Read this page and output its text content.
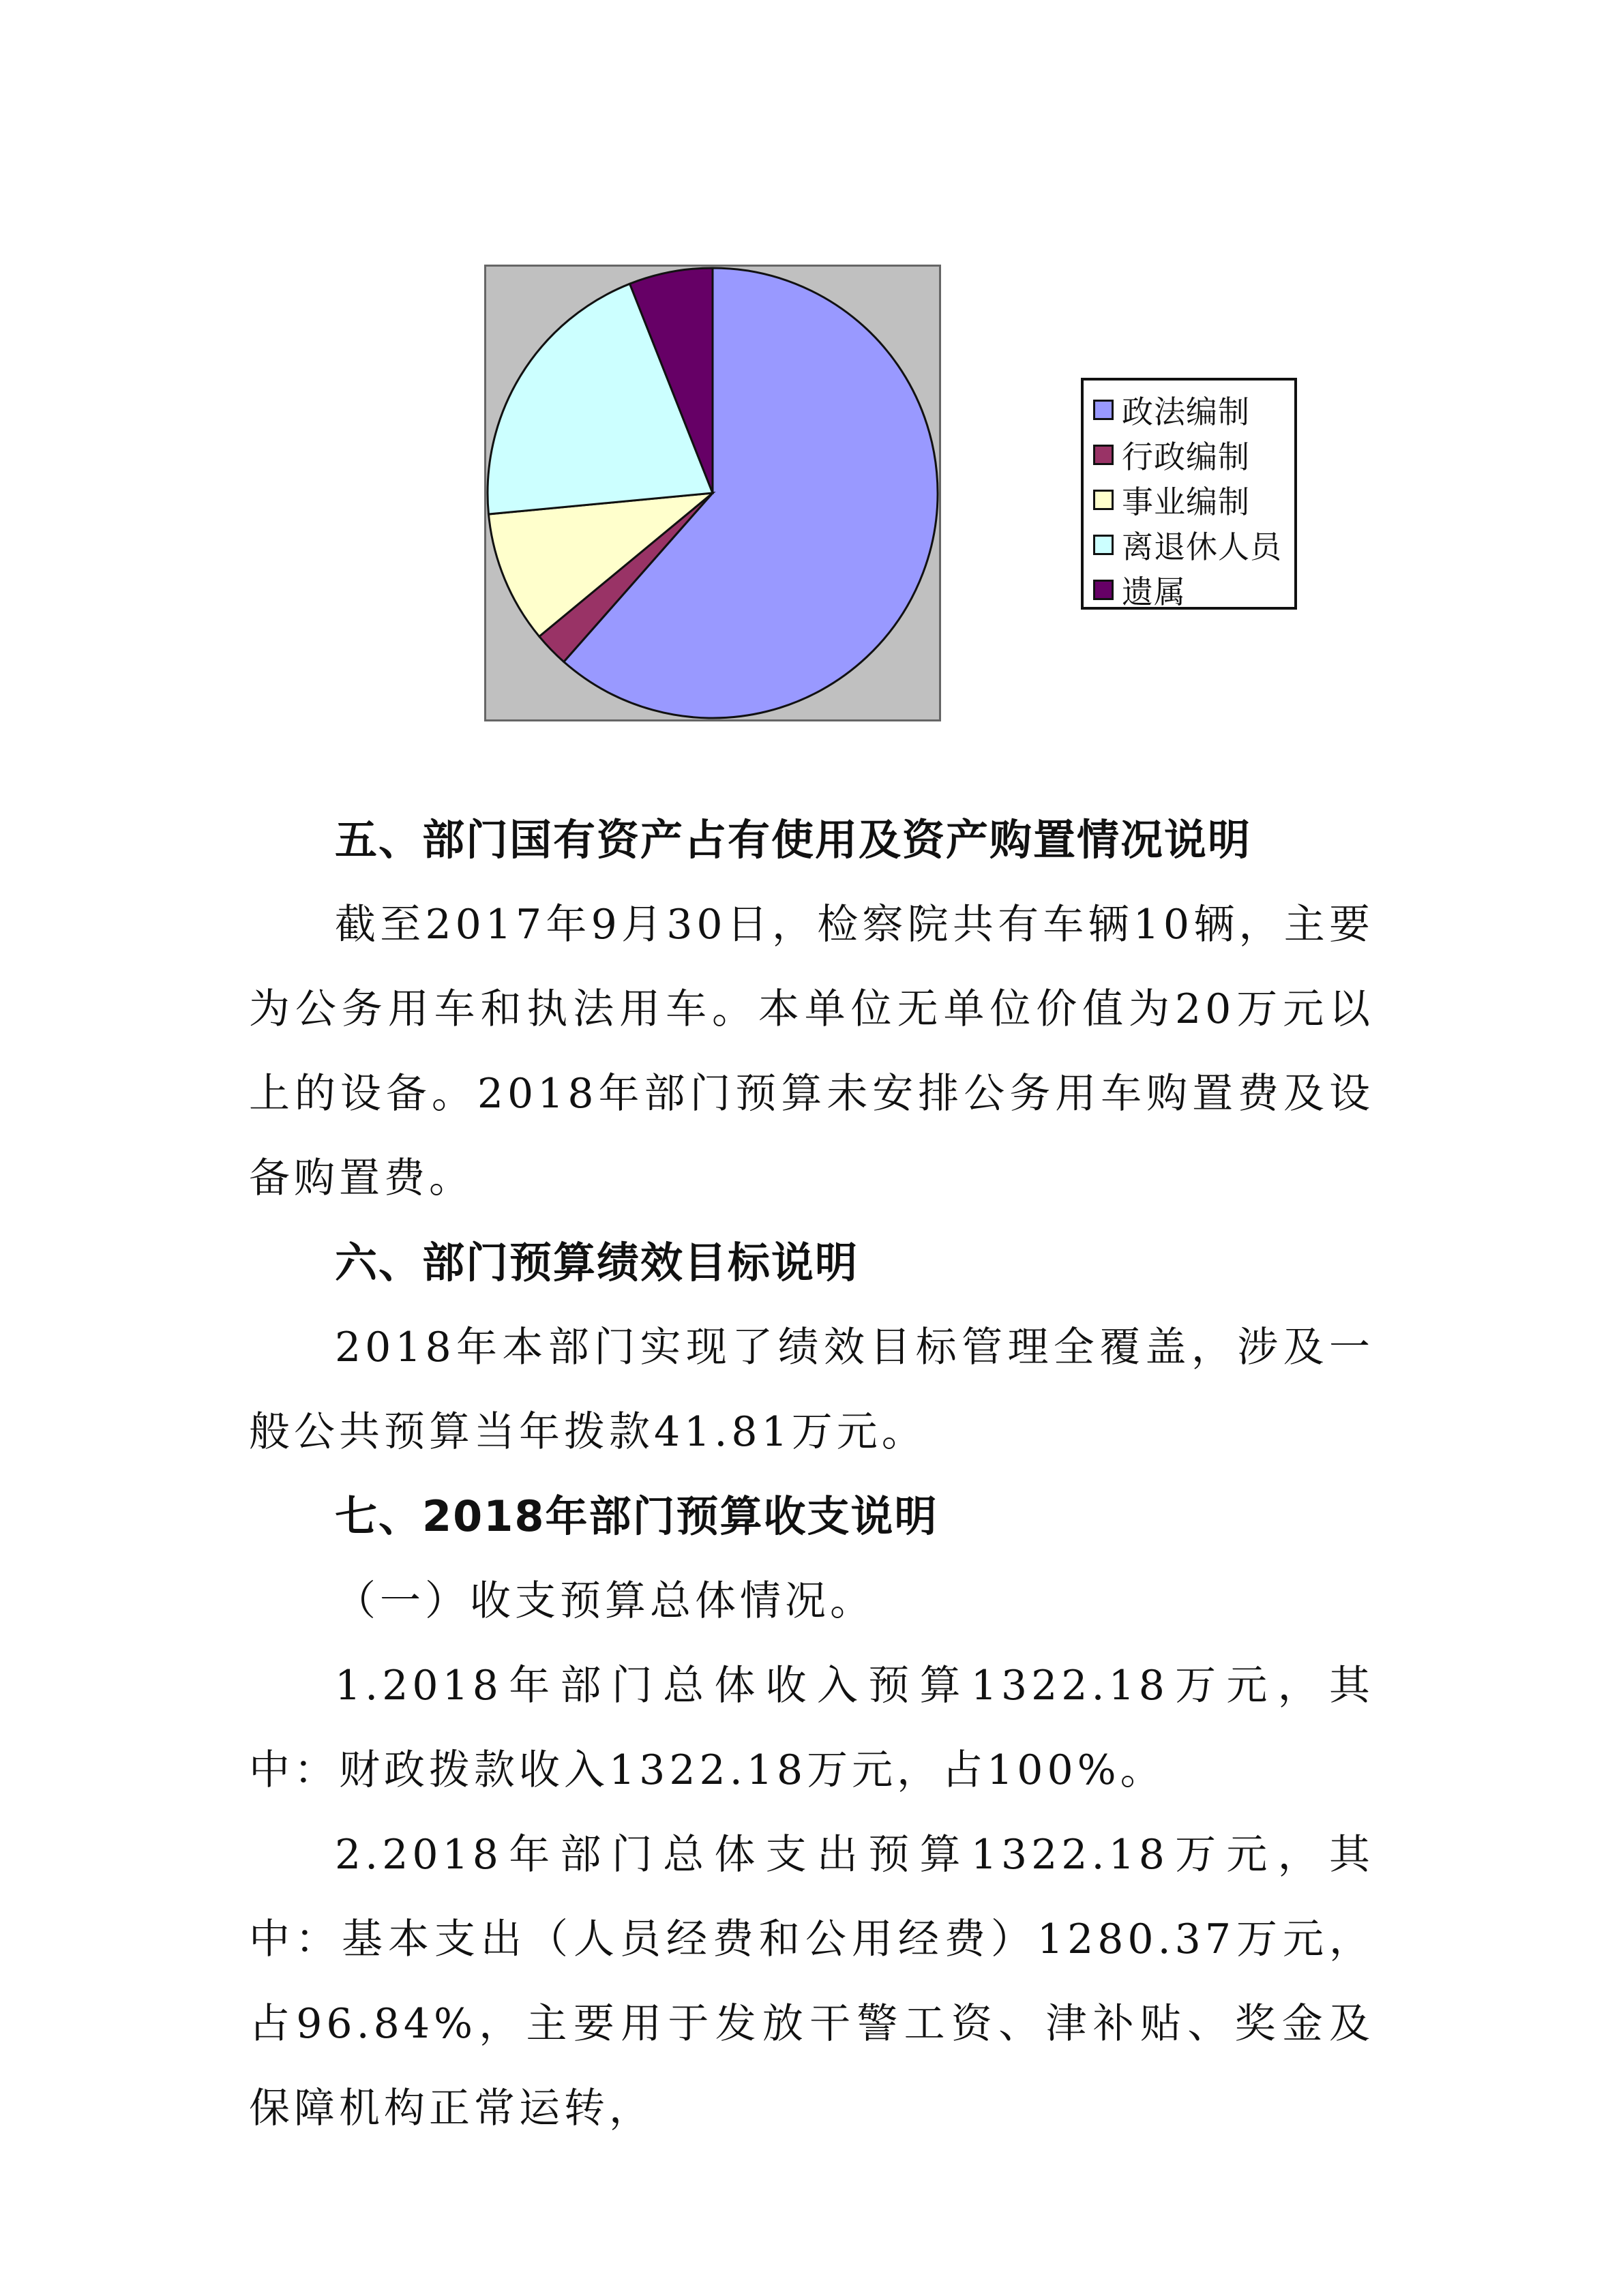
政法编制
行政编制
事业编制
离退休人员
遗属
五、部门国有资产占有使用及资产购置情况说明

截至2017年9月30日，检察院共有车辆10辆，主要为公务用车和执法用车。本单位无单位价值为20万元以上的设备。2018年部门预算未安排公务用车购置费及设备购置费。

六、部门预算绩效目标说明

2018年本部门实现了绩效目标管理全覆盖，涉及一般公共预算当年拨款41.81万元。

七、2018年部门预算收支说明

（一）收支预算总体情况。

1.2018年部门总体收入预算1322.18万元，其中：财政拨款收入1322.18万元，占100%。

2.2018年部门总体支出预算1322.18万元，其中：基本支出（人员经费和公用经费）1280.37万元，占96.84%，主要用于发放干警工资、津补贴、奖金及保障机构正常运转，
